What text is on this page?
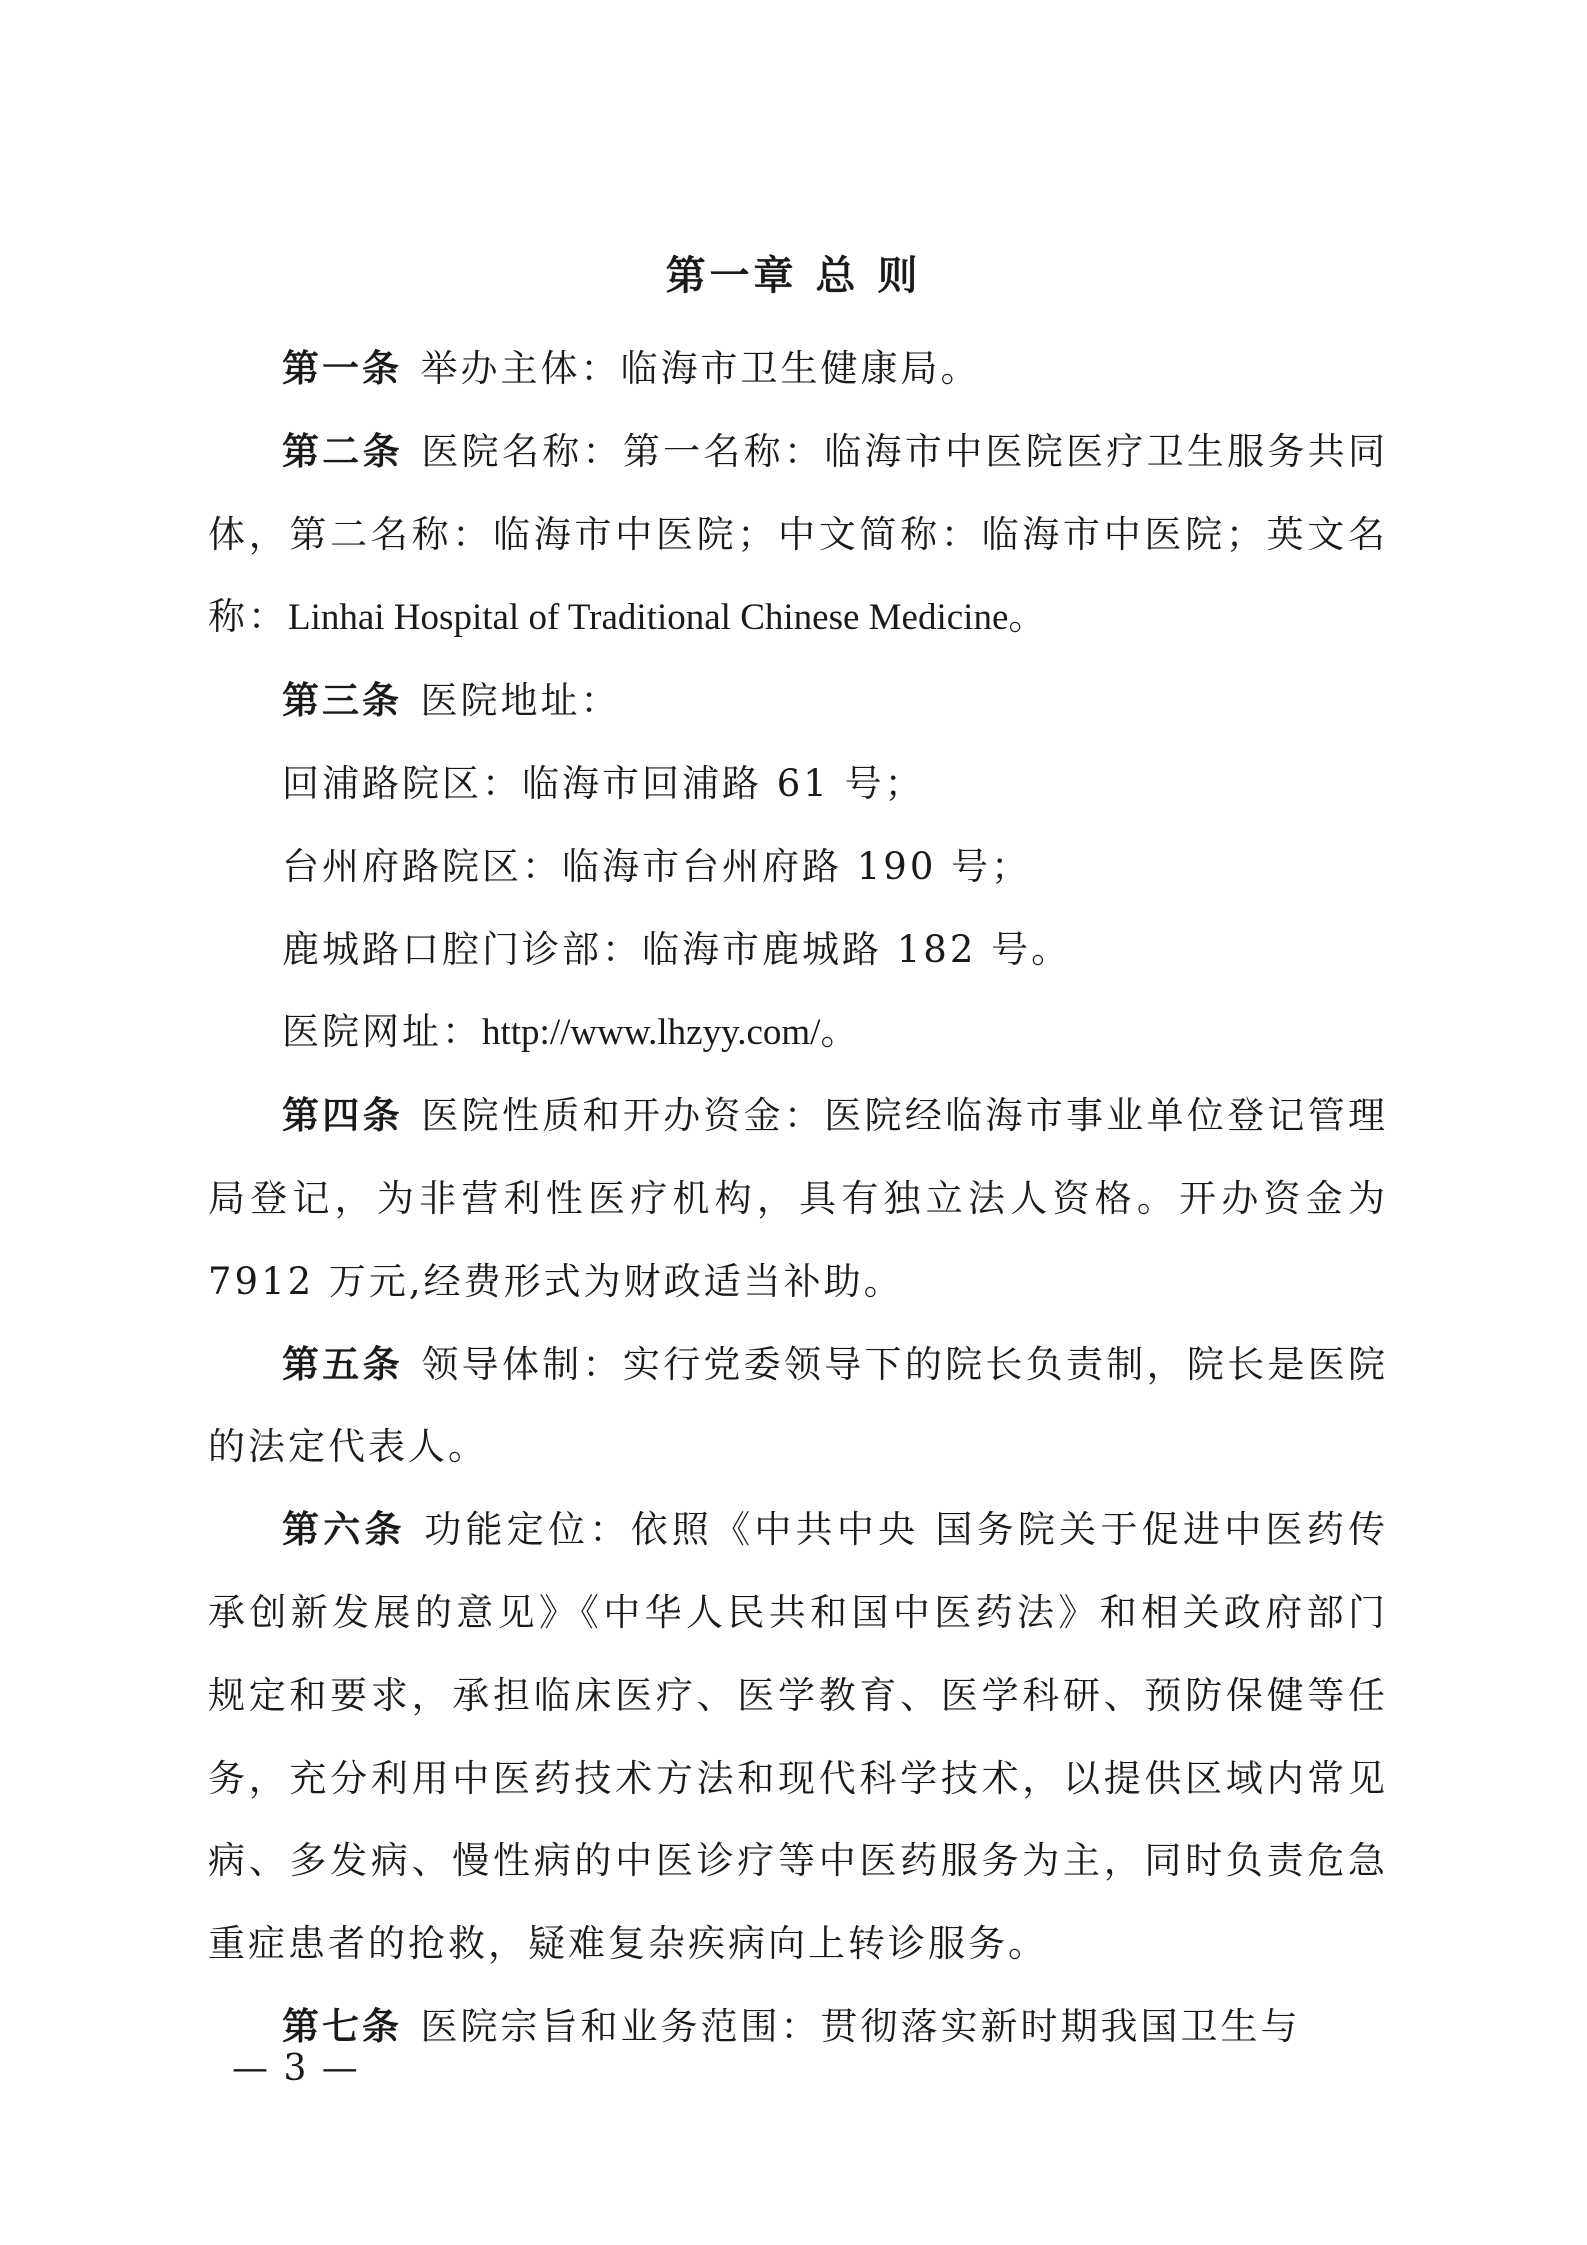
第一章 总 则

第一条 举办主体：临海市卫生健康局。

第二条 医院名称：第一名称：临海市中医院医疗卫生服务共同体，第二名称：临海市中医院；中文简称：临海市中医院；英文名称：Linhai Hospital of Traditional Chinese Medicine。

第三条 医院地址：

回浦路院区：临海市回浦路 61 号；

台州府路院区：临海市台州府路 190 号；

鹿城路口腔门诊部：临海市鹿城路 182 号。

医院网址：http://www.lhzyy.com/。

第四条 医院性质和开办资金：医院经临海市事业单位登记管理局登记，为非营利性医疗机构，具有独立法人资格。开办资金为 7912 万元,经费形式为财政适当补助。

第五条 领导体制：实行党委领导下的院长负责制，院长是医院的法定代表人。

第六条 功能定位：依照《中共中央 国务院关于促进中医药传承创新发展的意见》《中华人民共和国中医药法》和相关政府部门规定和要求，承担临床医疗、医学教育、医学科研、预防保健等任务，充分利用中医药技术方法和现代科学技术，以提供区域内常见病、多发病、慢性病的中医诊疗等中医药服务为主，同时负责危急重症患者的抢救，疑难复杂疾病向上转诊服务。

第七条 医院宗旨和业务范围：贯彻落实新时期我国卫生与

— 3 —
